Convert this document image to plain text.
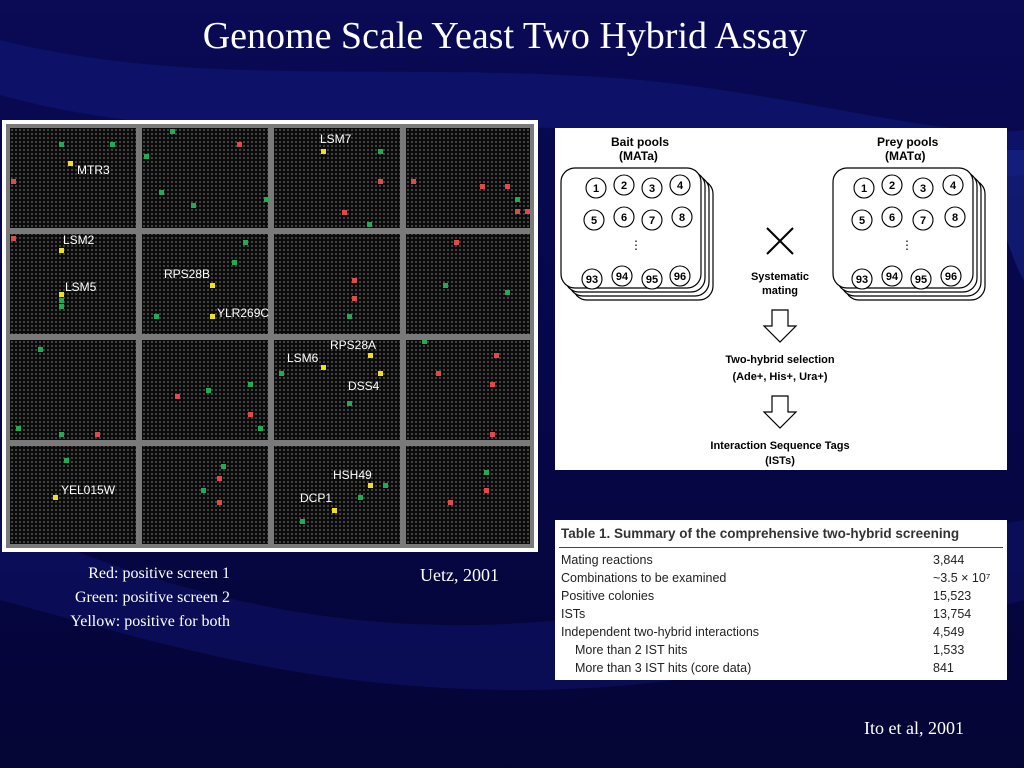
Genome Scale Yeast Two Hybrid Assay
MTR3
LSM7
LSM2
LSM5
RPS28B
YLR269C
RPS28A
LSM6
DSS4
HSH49
DCP1
YEL015W
Red: positive screen 1
Green: positive screen 2
Yellow: positive for both
Uetz, 2001
Ito et al, 2001
Bait pools
(MATa)
Prey pools
(MATα)
1 2 3 4
5 6 7 8
93 94 95 96
⋮
1 2 3 4
5 6 7 8
93 94 95 96
⋮
Systematic
mating
Two-hybrid selection
(Ade+, His+, Ura+)
Interaction Sequence Tags
(ISTs)
Table 1. Summary of the comprehensive two-hybrid screening
Mating reactions	3,844
Combinations to be examined	~3.5 × 10⁷
Positive colonies	15,523
ISTs	13,754
Independent two-hybrid interactions	4,549
More than 2 IST hits	1,533
More than 3 IST hits (core data)	841
